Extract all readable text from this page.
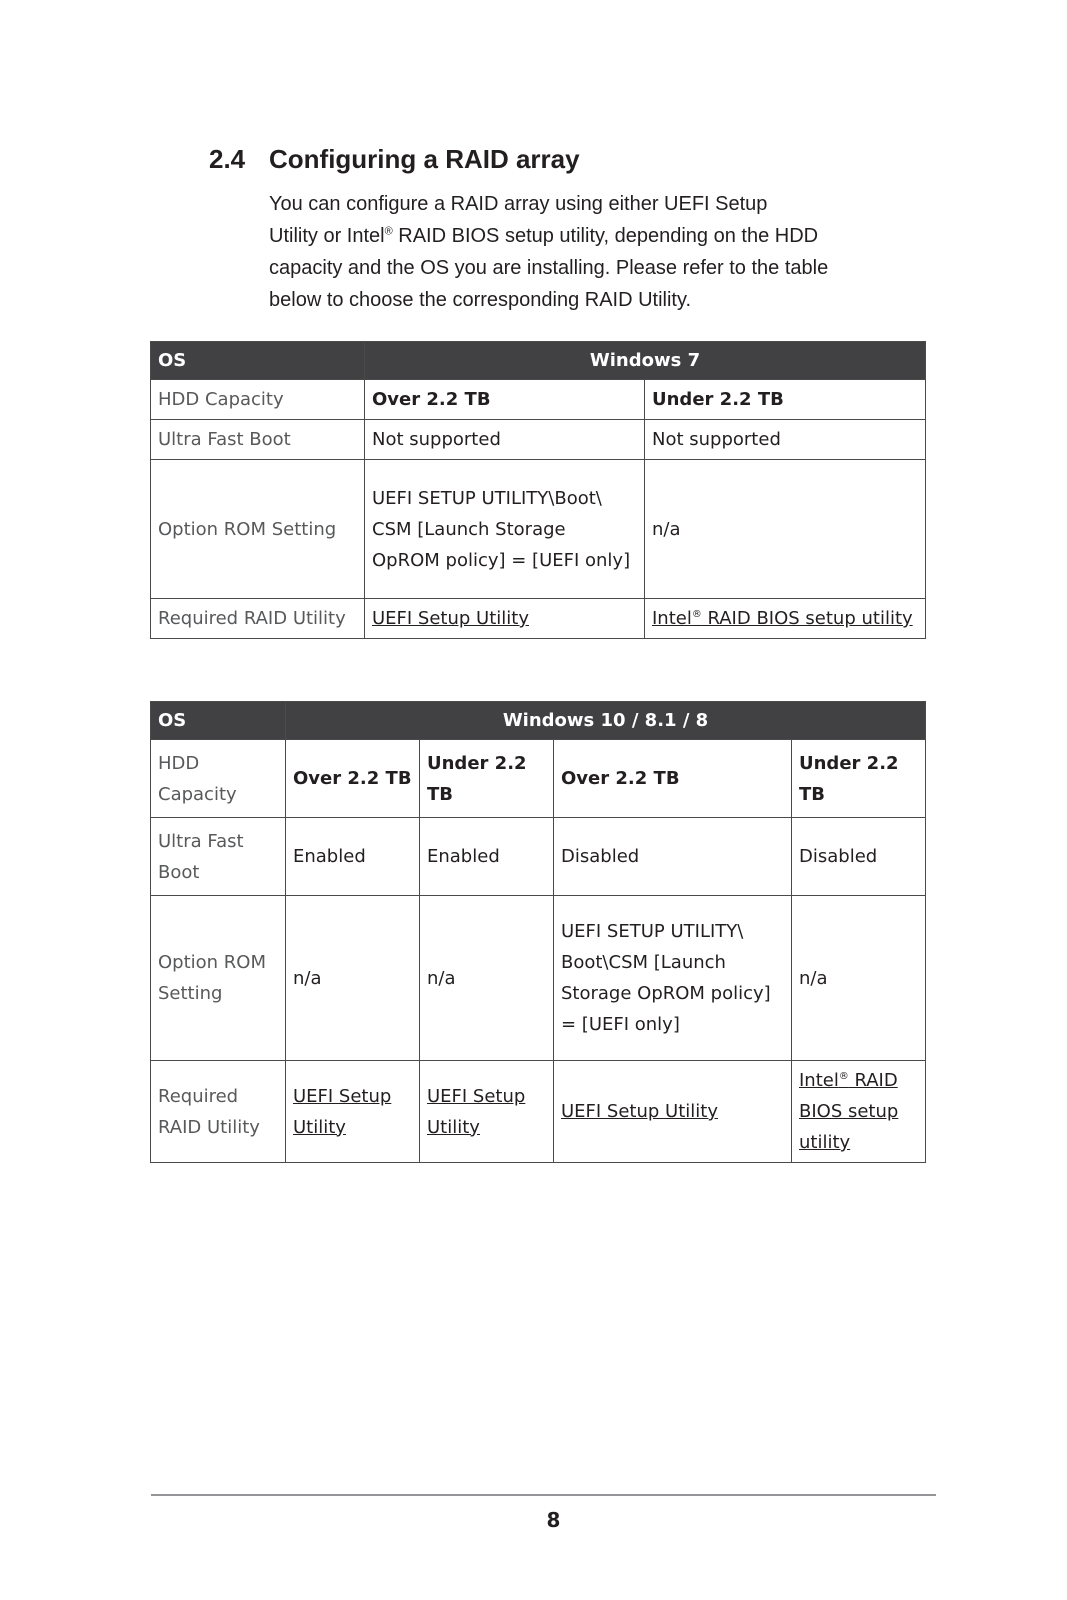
2.4 Configuring a RAID array
You can configure a RAID array using either UEFI Setup
Utility or Intel® RAID BIOS setup utility, depending on the HDD
capacity and the OS you are installing. Please refer to the table
below to choose the corresponding RAID Utility.
OS	Windows 7	
HDD Capacity	Over 2.2 TB	Under 2.2 TB
Ultra Fast Boot	Not supported	Not supported
Option ROM Setting	UEFI SETUP UTILITY\Boot\ CSM [Launch Storage OpROM policy] = [UEFI only]	n/a
Required RAID Utility	UEFI Setup Utility	Intel® RAID BIOS setup utility
OS	Windows 10 / 8.1 / 8			
HDD Capacity	Over 2.2 TB	Under 2.2 TB	Over 2.2 TB	Under 2.2 TB
Ultra Fast Boot	Enabled	Enabled	Disabled	Disabled
Option ROM Setting	n/a	n/a	UEFI SETUP UTILITY\ Boot\CSM [Launch Storage OpROM policy] = [UEFI only]	n/a
Required RAID Utility	UEFI Setup Utility	UEFI Setup Utility	UEFI Setup Utility	Intel® RAID BIOS setup utility
8
